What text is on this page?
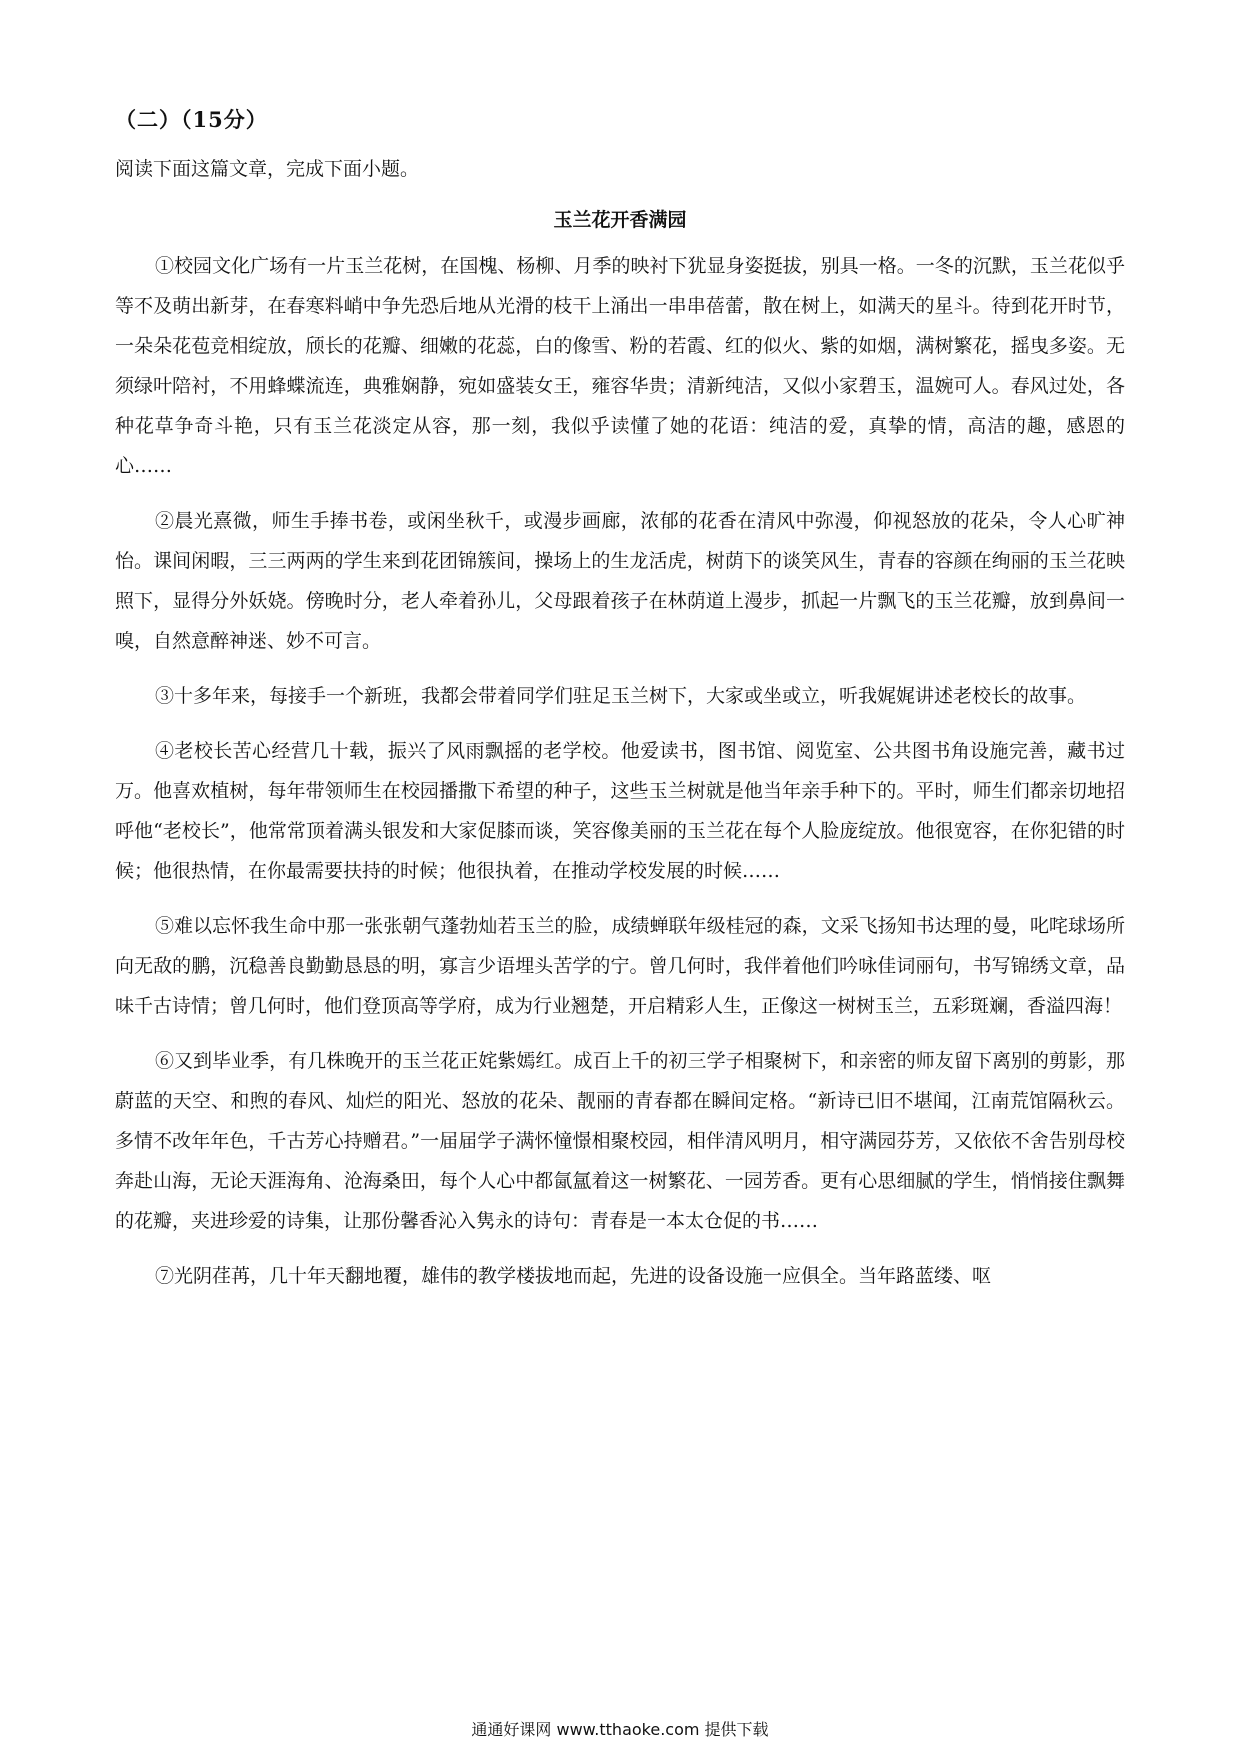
（二）（15分）

阅读下面这篇文章，完成下面小题。

玉兰花开香满园

①校园文化广场有一片玉兰花树，在国槐、杨柳、月季的映衬下犹显身姿挺拔，别具一格。一冬的沉默，玉兰花似乎等不及萌出新芽，在春寒料峭中争先恐后地从光滑的枝干上涌出一串串蓓蕾，散在树上，如满天的星斗。待到花开时节，一朵朵花苞竞相绽放，颀长的花瓣、细嫩的花蕊，白的像雪、粉的若霞、红的似火、紫的如烟，满树繁花，摇曳多姿。无须绿叶陪衬，不用蜂蝶流连，典雅娴静，宛如盛装女王，雍容华贵；清新纯洁，又似小家碧玉，温婉可人。春风过处，各种花草争奇斗艳，只有玉兰花淡定从容，那一刻，我似乎读懂了她的花语：纯洁的爱，真挚的情，高洁的趣，感恩的心……

②晨光熹微，师生手捧书卷，或闲坐秋千，或漫步画廊，浓郁的花香在清风中弥漫，仰视怒放的花朵，令人心旷神怡。课间闲暇，三三两两的学生来到花团锦簇间，操场上的生龙活虎，树荫下的谈笑风生，青春的容颜在绚丽的玉兰花映照下，显得分外妖娆。傍晚时分，老人牵着孙儿，父母跟着孩子在林荫道上漫步，抓起一片飘飞的玉兰花瓣，放到鼻间一嗅，自然意醉神迷、妙不可言。

③十多年来，每接手一个新班，我都会带着同学们驻足玉兰树下，大家或坐或立，听我娓娓讲述老校长的故事。

④老校长苦心经营几十载，振兴了风雨飘摇的老学校。他爱读书，图书馆、阅览室、公共图书角设施完善，藏书过万。他喜欢植树，每年带领师生在校园播撒下希望的种子，这些玉兰树就是他当年亲手种下的。平时，师生们都亲切地招呼他“老校长”，他常常顶着满头银发和大家促膝而谈，笑容像美丽的玉兰花在每个人脸庞绽放。他很宽容，在你犯错的时候；他很热情，在你最需要扶持的时候；他很执着，在推动学校发展的时候……

⑤难以忘怀我生命中那一张张朝气蓬勃灿若玉兰的脸，成绩蝉联年级桂冠的森，文采飞扬知书达理的曼，叱咤球场所向无敌的鹏，沉稳善良勤勤恳恳的明，寡言少语埋头苦学的宁。曾几何时，我伴着他们吟咏佳词丽句，书写锦绣文章，品味千古诗情；曾几何时，他们登顶高等学府，成为行业翘楚，开启精彩人生，正像这一树树玉兰，五彩斑斓，香溢四海！

⑥又到毕业季，有几株晚开的玉兰花正姹紫嫣红。成百上千的初三学子相聚树下，和亲密的师友留下离别的剪影，那蔚蓝的天空、和煦的春风、灿烂的阳光、怒放的花朵、靓丽的青春都在瞬间定格。“新诗已旧不堪闻，江南荒馆隔秋云。多情不改年年色，千古芳心持赠君。”一届届学子满怀憧憬相聚校园，相伴清风明月，相守满园芬芳，又依依不舍告别母校奔赴山海，无论天涯海角、沧海桑田，每个人心中都氤氲着这一树繁花、一园芳香。更有心思细腻的学生，悄悄接住飘舞的花瓣，夹进珍爱的诗集，让那份馨香沁入隽永的诗句：青春是一本太仓促的书……

⑦光阴荏苒，几十年天翻地覆，雄伟的教学楼拔地而起，先进的设备设施一应俱全。当年路蓝缕、呕

通通好课网 www.tthaoke.com 提供下载
